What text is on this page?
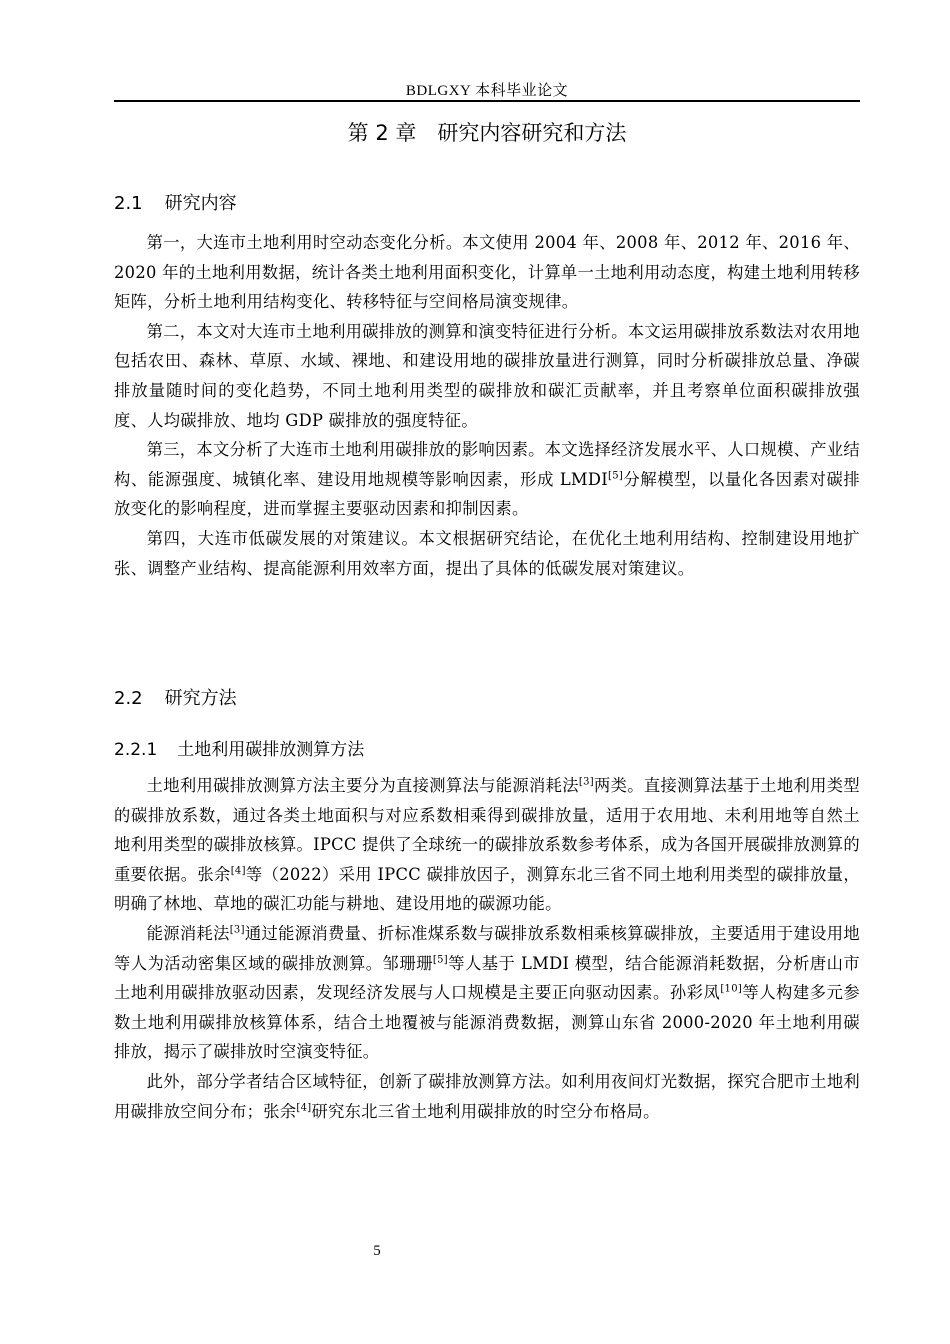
BDLGXY 本科毕业论文
第 2 章　研究内容研究和方法
2.1 研究内容

第一，大连市土地利用时空动态变化分析。本文使用 2004 年、2008 年、2012 年、2016 年、2020 年的土地利用数据，统计各类土地利用面积变化，计算单一土地利用动态度，构建土地利用转移矩阵，分析土地利用结构变化、转移特征与空间格局演变规律。

第二，本文对大连市土地利用碳排放的测算和演变特征进行分析。本文运用碳排放系数法对农用地包括农田、森林、草原、水域、裸地、和建设用地的碳排放量进行测算，同时分析碳排放总量、净碳排放量随时间的变化趋势，不同土地利用类型的碳排放和碳汇贡献率，并且考察单位面积碳排放强度、人均碳排放、地均 GDP 碳排放的强度特征。

第三，本文分析了大连市土地利用碳排放的影响因素。本文选择经济发展水平、人口规模、产业结构、能源强度、城镇化率、建设用地规模等影响因素，形成 LMDI[5]分解模型，以量化各因素对碳排放变化的影响程度，进而掌握主要驱动因素和抑制因素。

第四，大连市低碳发展的对策建议。本文根据研究结论，在优化土地利用结构、控制建设用地扩张、调整产业结构、提高能源利用效率方面，提出了具体的低碳发展对策建议。

2.2 研究方法
2.2.1 土地利用碳排放测算方法

土地利用碳排放测算方法主要分为直接测算法与能源消耗法[3]两类。直接测算法基于土地利用类型的碳排放系数，通过各类土地面积与对应系数相乘得到碳排放量，适用于农用地、未利用地等自然土地利用类型的碳排放核算。IPCC 提供了全球统一的碳排放系数参考体系，成为各国开展碳排放测算的重要依据。张余[4]等（2022）采用 IPCC 碳排放因子，测算东北三省不同土地利用类型的碳排放量，明确了林地、草地的碳汇功能与耕地、建设用地的碳源功能。

能源消耗法[3]通过能源消费量、折标准煤系数与碳排放系数相乘核算碳排放，主要适用于建设用地等人为活动密集区域的碳排放测算。邹珊珊[5]等人基于 LMDI 模型，结合能源消耗数据，分析唐山市土地利用碳排放驱动因素，发现经济发展与人口规模是主要正向驱动因素。孙彩凤[10]等人构建多元参数土地利用碳排放核算体系，结合土地覆被与能源消费数据，测算山东省 2000-2020 年土地利用碳排放，揭示了碳排放时空演变特征。

此外，部分学者结合区域特征，创新了碳排放测算方法。如利用夜间灯光数据，探究合肥市土地利用碳排放空间分布；张余[4]研究东北三省土地利用碳排放的时空分布格局。

5
